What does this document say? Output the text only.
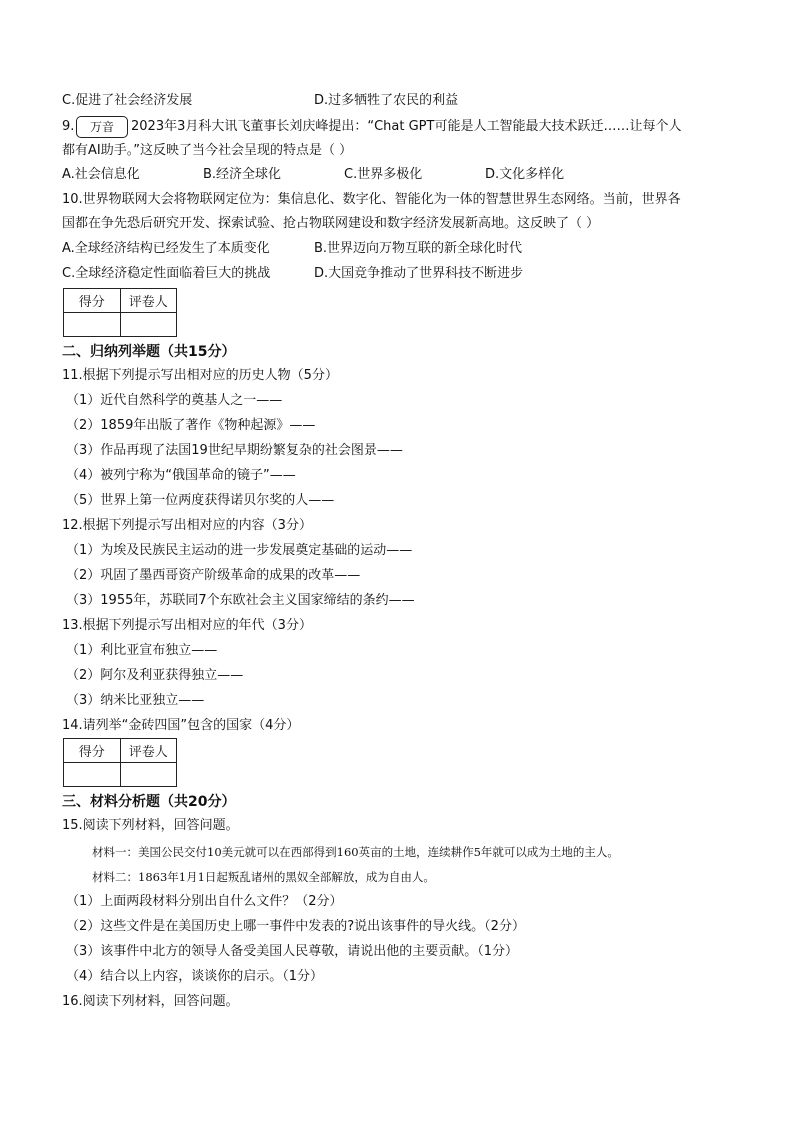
C.促进了社会经济发展	D.过多牺牲了农民的利益
9.	万音	2023年3月科大讯飞董事长刘庆峰提出：“Chat GPT可能是人工智能最大技术跃迁……让每个人
都有AI助手。”这反映了当今社会呈现的特点是（ ）
A.社会信息化	B.经济全球化	C.世界多极化	D.文化多样化
10.世界物联网大会将物联网定位为：集信息化、数字化、智能化为一体的智慧世界生态网络。当前，世界各
国都在争先恐后研究开发、探索试验、抢占物联网建设和数字经济发展新高地。这反映了（ ）
A.全球经济结构已经发生了本质变化	B.世界迈向万物互联的新全球化时代
C.全球经济稳定性面临着巨大的挑战	D.大国竞争推动了世界科技不断进步
得分	评卷人

二、归纳列举题（共15分）
11.根据下列提示写出相对应的历史人物（5分）
（1）近代自然科学的奠基人之一——
（2）1859年出版了著作《物种起源》——
（3）作品再现了法国19世纪早期纷繁复杂的社会图景——
（4）被列宁称为“俄国革命的镜子”——
（5）世界上第一位两度获得诺贝尔奖的人——
12.根据下列提示写出相对应的内容（3分）
（1）为埃及民族民主运动的进一步发展奠定基础的运动——
（2）巩固了墨西哥资产阶级革命的成果的改革——
（3）1955年，苏联同7个东欧社会主义国家缔结的条约——
13.根据下列提示写出相对应的年代（3分）
（1）利比亚宣布独立——
（2）阿尔及利亚获得独立——
（3）纳米比亚独立——
14.请列举“金砖四国”包含的国家（4分）
得分	评卷人

三、材料分析题（共20分）
15.阅读下列材料，回答问题。
材料一：美国公民交付10美元就可以在西部得到160英亩的土地，连续耕作5年就可以成为土地的主人。
材料二：1863年1月1日起叛乱诸州的黑奴全部解放，成为自由人。
（1）上面两段材料分别出自什么文件？（2分）
（2）这些文件是在美国历史上哪一事件中发表的?说出该事件的导火线。（2分）
（3）该事件中北方的领导人备受美国人民尊敬，请说出他的主要贡献。（1分）
（4）结合以上内容，谈谈你的启示。（1分）
16.阅读下列材料，回答问题。
